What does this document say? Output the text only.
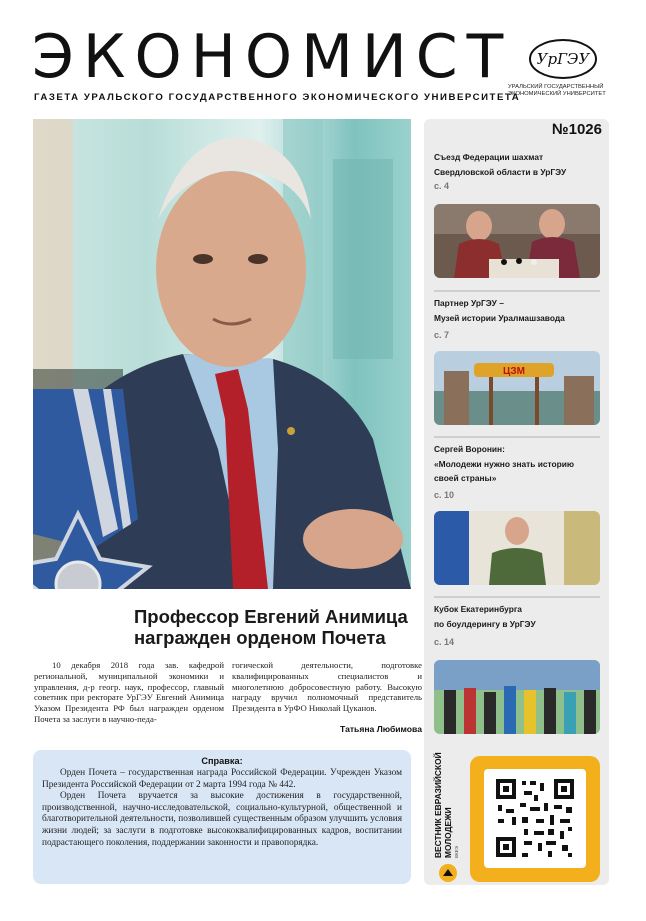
ЭКОНОМИСТ
ГАЗЕТА УРАЛЬСКОГО ГОСУДАРСТВЕННОГО ЭКОНОМИЧЕСКОГО УНИВЕРСИТЕТА
УрГЭУ
УРАЛЬСКИЙ ГОСУДАРСТВЕННЫЙ ЭКОНОМИЧЕСКИЙ УНИВЕРСИТЕТ
Профессор Евгений Анимица награжден орденом Почета
10 декабря 2018 года зав. кафедрой региональной, муниципальной экономики и управления, д-р геогр. наук, профессор, главный советник при ректорате УрГЭУ Евгений Анимица Указом Президента РФ был награжден орденом Почета за заслуги в научно-педа-
гогической деятельности, подготовке квалифицированных специалистов и многолетнюю добросовестную работу. Высокую награду вручил полномочный представитель Президента в УрФО Николай Цуканов.
Татьяна Любимова
Справка:

Орден Почета – государственная награда Российской Федерации. Учрежден Указом Президента Российской Федерации от 2 марта 1994 года № 442.

Орден Почета вручается за высокие достижения в государственной, производственной, научно-исследовательской, социально-культурной, общественной и благотворительной деятельности, позволившей существенным образом улучшить условия жизни людей; за заслуги в подготовке высококвалифицированных кадров, воспитании подрастающего поколения, поддержании законности и правопорядка.

№1026
Съезд Федерации шахмат
Свердловской области в УрГЭУ
с. 4
Партнер УрГЭУ –
Музей истории Уралмашзавода
с. 7
ЦЗМ
Сергей Воронин:
«Молодежи нужно знать историю
своей страны»
с. 10
Кубок Екатеринбурга
по боулдерингу в УрГЭУ
с. 14
ВЕСТНИК ЕВРАЗИЙСКОЙ МОЛОДЕЖИ ВКЕЭ
